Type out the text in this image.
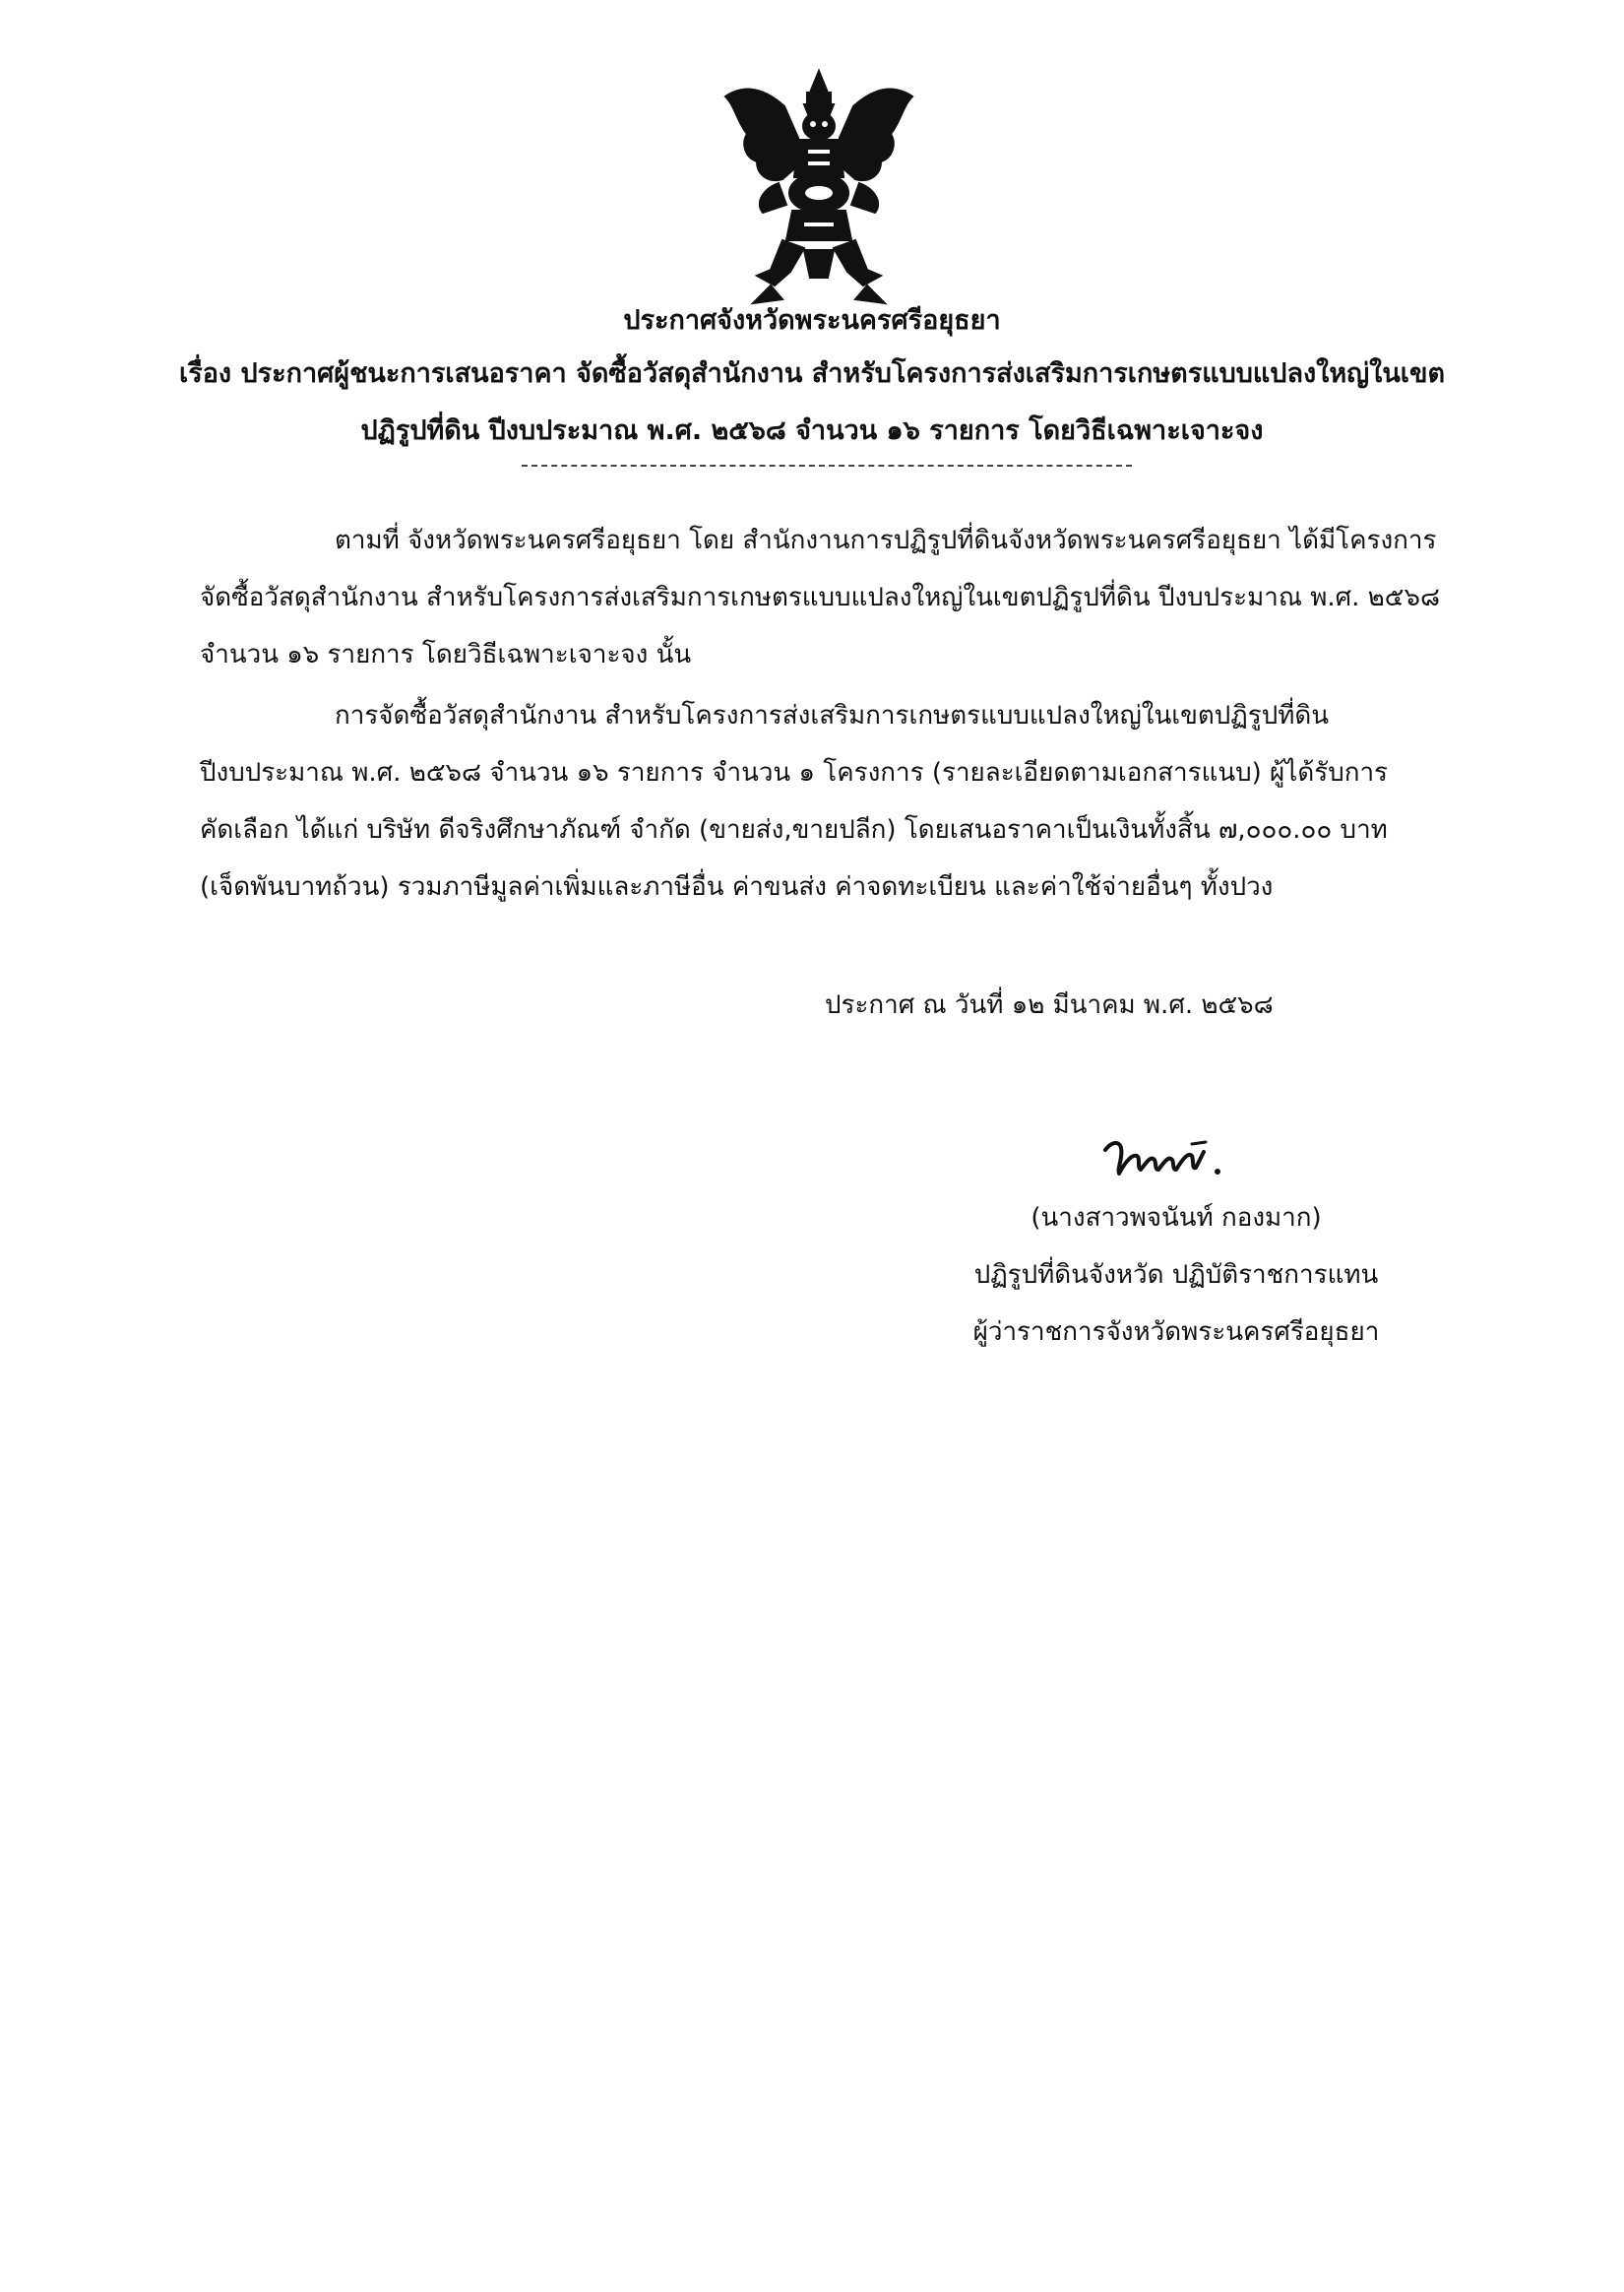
ประกาศจังหวัดพระนครศรีอยุธยา
เรื่อง ประกาศผู้ชนะการเสนอราคา จัดซื้อวัสดุสำนักงาน สำหรับโครงการส่งเสริมการเกษตรแบบแปลงใหญ่ในเขต
ปฏิรูปที่ดิน ปีงบประมาณ พ.ศ. ๒๕๖๘ จำนวน ๑๖ รายการ โดยวิธีเฉพาะเจาะจง
ตามที่ จังหวัดพระนครศรีอยุธยา โดย สำนักงานการปฏิรูปที่ดินจังหวัดพระนครศรีอยุธยา ได้มีโครงการ
จัดซื้อวัสดุสำนักงาน สำหรับโครงการส่งเสริมการเกษตรแบบแปลงใหญ่ในเขตปฏิรูปที่ดิน ปีงบประมาณ พ.ศ. ๒๕๖๘
จำนวน ๑๖ รายการ โดยวิธีเฉพาะเจาะจง นั้น
การจัดซื้อวัสดุสำนักงาน สำหรับโครงการส่งเสริมการเกษตรแบบแปลงใหญ่ในเขตปฏิรูปที่ดิน
ปีงบประมาณ พ.ศ. ๒๕๖๘ จำนวน ๑๖ รายการ จำนวน ๑ โครงการ (รายละเอียดตามเอกสารแนบ) ผู้ได้รับการ
คัดเลือก ได้แก่ บริษัท ดีจริงศึกษาภัณฑ์ จำกัด (ขายส่ง,ขายปลีก) โดยเสนอราคาเป็นเงินทั้งสิ้น ๗,๐๐๐.๐๐ บาท
(เจ็ดพันบาทถ้วน) รวมภาษีมูลค่าเพิ่มและภาษีอื่น ค่าขนส่ง ค่าจดทะเบียน และค่าใช้จ่ายอื่นๆ ทั้งปวง
ประกาศ ณ วันที่ ๑๒ มีนาคม พ.ศ. ๒๕๖๘
(นางสาวพจนันท์ กองมาก)
ปฏิรูปที่ดินจังหวัด ปฏิบัติราชการแทน
ผู้ว่าราชการจังหวัดพระนครศรีอยุธยา
